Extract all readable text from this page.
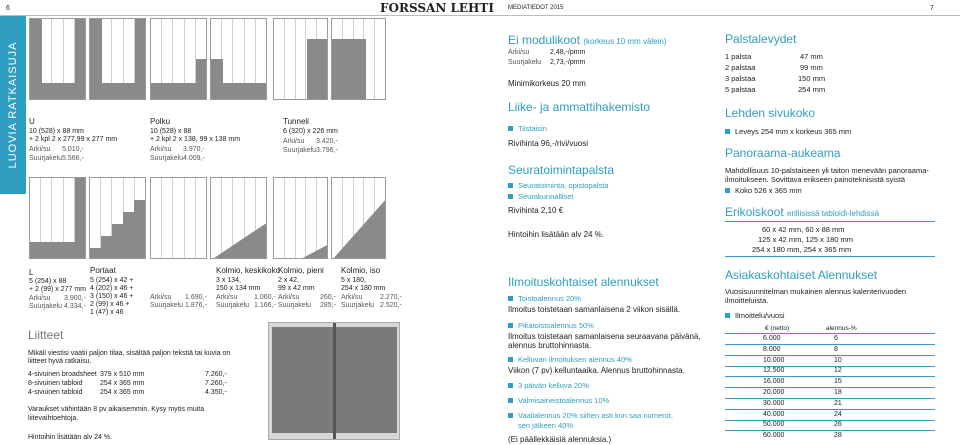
6	FORSSAN LEHTI MEDIATIEDOT 2015	7
LUOVIA RATKAISUJA U
10 (528) x 88 mm
+ 2 kpl 2 x 277,99 x 277 mm
Arki/su 5.010,-
Suurjakelu 5.566,-
Polku
10 (528) x 88
+ 2 kpl 2 x 138, 99 x 138 mm
Arki/su 3.970,-
Suurjakelu 4.009,-
Tunneli
6 (320) x 226 mm
Arki/su 3.420,-
Suurjakelu 3.796,-
L
5 (254) x 88
+ 2 (99) x 277 mm
Arki/su 3.900,-
Suurjakelu 4.334,-
Portaat
5 (254) x 42 +
4 (202) x 46 +
3 (150) x 46 +
2 (99) x 46 +
1 (47) x 46
Arki/su 1.690,-
Suurjakelu 1.876,-
Kolmio, keskikoko
3 x 134,
150 x 134 mm
Arki/su 1.060,-
Suurjakelu 1.166,-
Kolmio, pieni
2 x 42,
99 x 42 mm
Arki/su	260,-
Suurjakelu 285,-
Kolmio, iso
5 x 180,
254 x 180 mm
Arki/su	2.270,-
Suurjakelu 2.520,-
Liitteet
Mikäli viestisi vaatii paljon tilaa, sisältää paljon tekstiä tai kuvia on
liitteet hyvä ratkaisu.
4-sivuinen broadsheet 379 x 510 mm	7.260,-
8-sivuinen tabloid	254 x 365 mm	7.260,-
4-sivuinen tabloid	254 x 365 mm	4.350,-
Varaukset vähintään 8 pv aikaisemmin. Kysy myös muita
liitevaihtoehtoja.
Hintoihin lisätään alv 24 %.
Ei modulikoot (korkeus 10 mm välein)
Arki/su	2,48,-/pmm
Suurjakelu 2,73,-/pmm
Minimikorkeus 20 mm
Liike- ja ammattihakemisto
Tiistaisin
Rivihinta 96,-/rivi/vuosi
Seuratoimintapalsta
Seuratoiminta, opistopalsta
Seurakunnalliset
Rivihinta 2,10 €
Hintoihin lisätään alv 24 %.
Ilmoituskohtaiset alennukset
Toistoalennus 20%
Ilmoitus toistetaan samanlaisena 2 viikon sisällä.
Pikatoistoalennus 50%
Ilmoitus toistetaan samanlaisena seuraavana päivänä,
alennus bruttohinnasta.
Kelluvan ilmoituksen alennus 40%
Viikon (7 pv) kelluntaaika. Alennus bruttohinnasta.
3 päivän kelluva 20%
Valmisaineistoalennus 10%
Vaalialennus 20% siihen asti kun saa numerot,
sen jälkeen 40%
(Ei päällekkäisiä alennuksia.)
Palstalevydet
1 palsta	47 mm
2 palstaa	99 mm
3 palstaa	150 mm
5 palstaa	254 mm
Lehden sivukoko
Leveys 254 mm x korkeus 365 mm
Panoraama-aukeama
Mahdollisuus 10-palstaiseen yli taiton menevään panoraama-
ilmoitukseen. Sovittava erikseen painoteknisistä syistä
Koko 526 x 365 mm
Erikoiskoot erillisissä tabloidi-lehdissä
60 x 42 mm, 60 x 88 mm
125 x 42 mm, 125 x 180 mm
254 x 180 mm, 254 x 365 mm
Asiakaskohtaiset Alennukset
Vuosisuunnitelman mukainen alennus kalenterivuoden
ilmoitteluista.
Ilmoittelu/vuosi
€ (netto)	alennus-%
6.000	6
8.000	8
10.000	10
12.500	12
16.000	15
20.000	18
30.000	21
40.000	24
50.000	26
60.000	28
